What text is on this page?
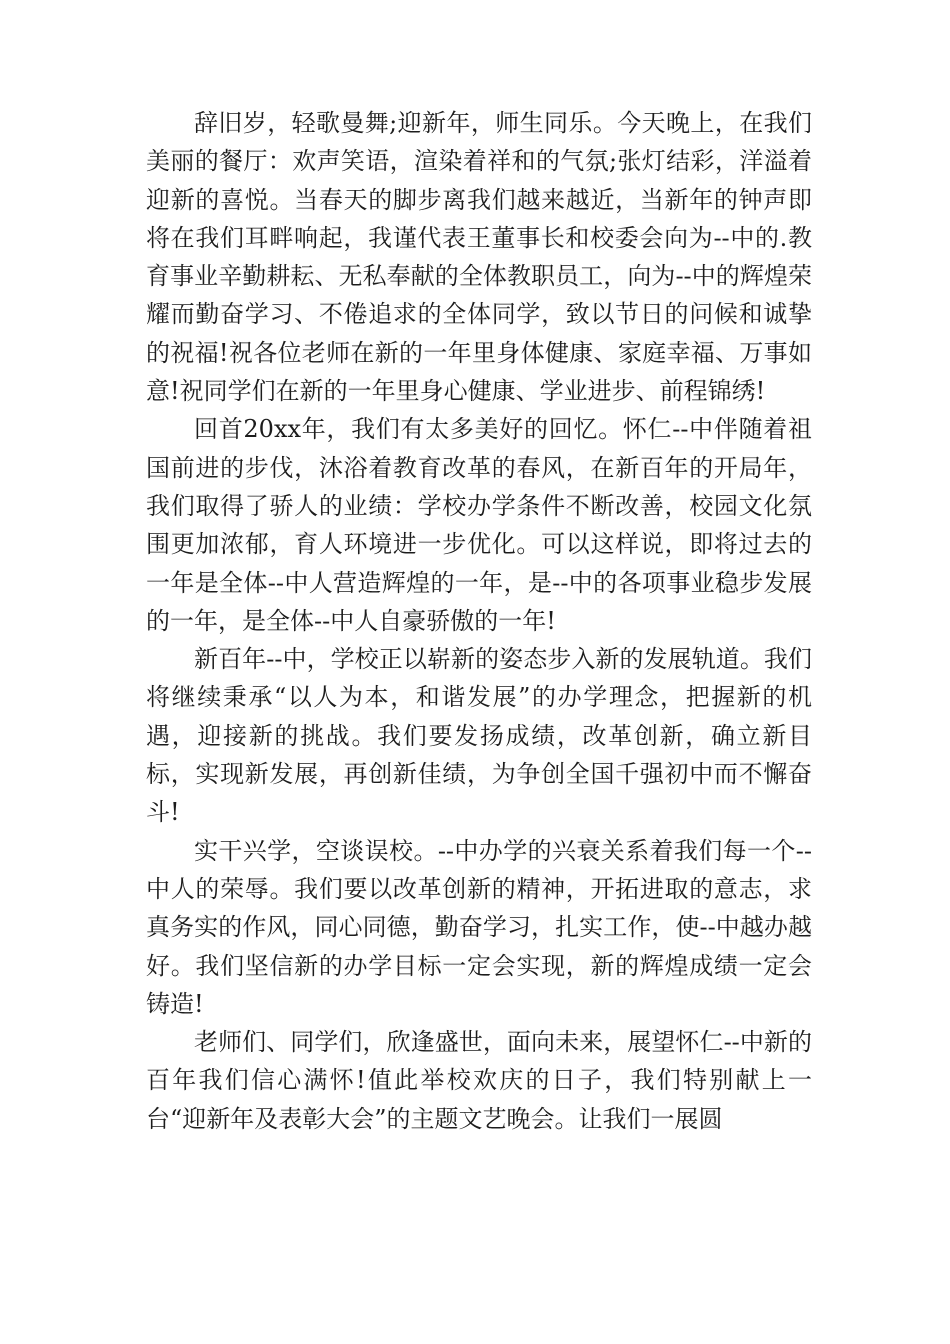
辞旧岁，轻歌曼舞;迎新年，师生同乐。今天晚上，在我们美丽的餐厅：欢声笑语，渲染着祥和的气氛;张灯结彩，洋溢着迎新的喜悦。当春天的脚步离我们越来越近，当新年的钟声即将在我们耳畔响起，我谨代表王董事长和校委会向为--中的.教育事业辛勤耕耘、无私奉献的全体教职员工，向为--中的辉煌荣耀而勤奋学习、不倦追求的全体同学，致以节日的问候和诚挚的祝福!祝各位老师在新的一年里身体健康、家庭幸福、万事如意!祝同学们在新的一年里身心健康、学业进步、前程锦绣!

回首20xx年，我们有太多美好的回忆。怀仁--中伴随着祖国前进的步伐，沐浴着教育改革的春风，在新百年的开局年，我们取得了骄人的业绩：学校办学条件不断改善，校园文化氛围更加浓郁，育人环境进一步优化。可以这样说，即将过去的一年是全体--中人营造辉煌的一年，是--中的各项事业稳步发展的一年，是全体--中人自豪骄傲的一年!

新百年--中，学校正以崭新的姿态步入新的发展轨道。我们将继续秉承“以人为本，和谐发展”的办学理念，把握新的机遇，迎接新的挑战。我们要发扬成绩，改革创新，确立新目标，实现新发展，再创新佳绩，为争创全国千强初中而不懈奋斗!

实干兴学，空谈误校。--中办学的兴衰关系着我们每一个--中人的荣辱。我们要以改革创新的精神，开拓进取的意志，求真务实的作风，同心同德，勤奋学习，扎实工作，使--中越办越好。我们坚信新的办学目标一定会实现，新的辉煌成绩一定会铸造!

老师们、同学们，欣逢盛世，面向未来，展望怀仁--中新的百年我们信心满怀!值此举校欢庆的日子，我们特别献上一台“迎新年及表彰大会”的主题文艺晚会。让我们一展圆
